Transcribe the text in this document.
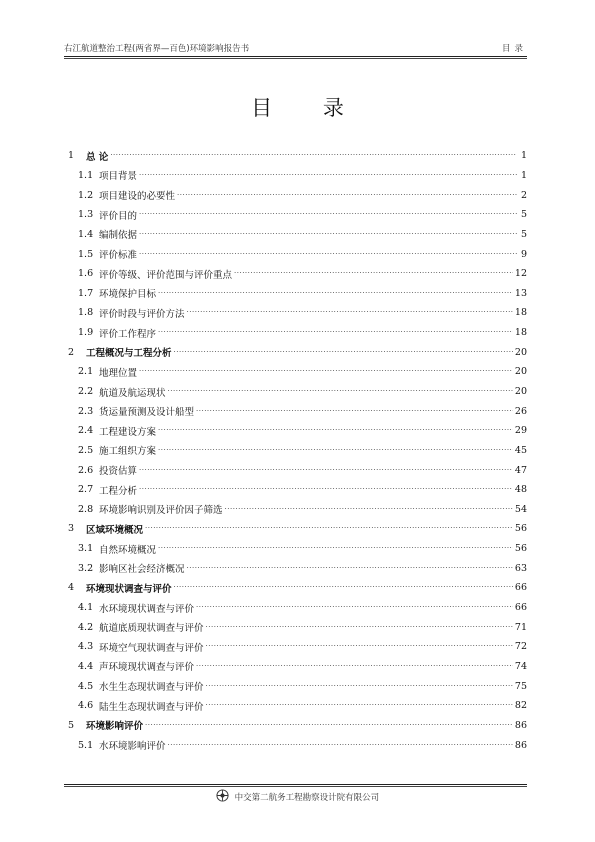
右江航道整治工程(两省界—百色)环境影响报告书	目录
目 录
1	总 论 ·····	1
1.1 项目背景 ·····	1
1.2 项目建设的必要性 ·····	2
1.3 评价目的 ·····	5
1.4 编制依据 ·····	5
1.5 评价标准 ·····	9
1.6 评价等级、评价范围与评价重点 ·····	12
1.7 环境保护目标 ·····	13
1.8 评价时段与评价方法 ·····	18
1.9 评价工作程序 ·····	18
2	工程概况与工程分析 ·····	20
2.1 地理位置 ·····	20
2.2 航道及航运现状 ·····	20
2.3 货运量预测及设计船型 ·····	26
2.4 工程建设方案 ·····	29
2.5 施工组织方案 ·····	45
2.6 投资估算 ·····	47
2.7 工程分析 ·····	48
2.8 环境影响识别及评价因子筛选 ·····	54
3	区域环境概况 ·····	56
3.1 自然环境概况 ·····	56
3.2 影响区社会经济概况 ·····	63
4	环境现状调查与评价 ·····	66
4.1 水环境现状调查与评价 ·····	66
4.2 航道底质现状调查与评价 ·····	71
4.3 环境空气现状调查与评价 ·····	72
4.4 声环境现状调查与评价 ·····	74
4.5 水生生态现状调查与评价 ·····	75
4.6 陆生生态现状调查与评价 ·····	82
5	环境影响评价 ·····	86
5.1 水环境影响评价 ·····	86
中交第二航务工程勘察设计院有限公司
